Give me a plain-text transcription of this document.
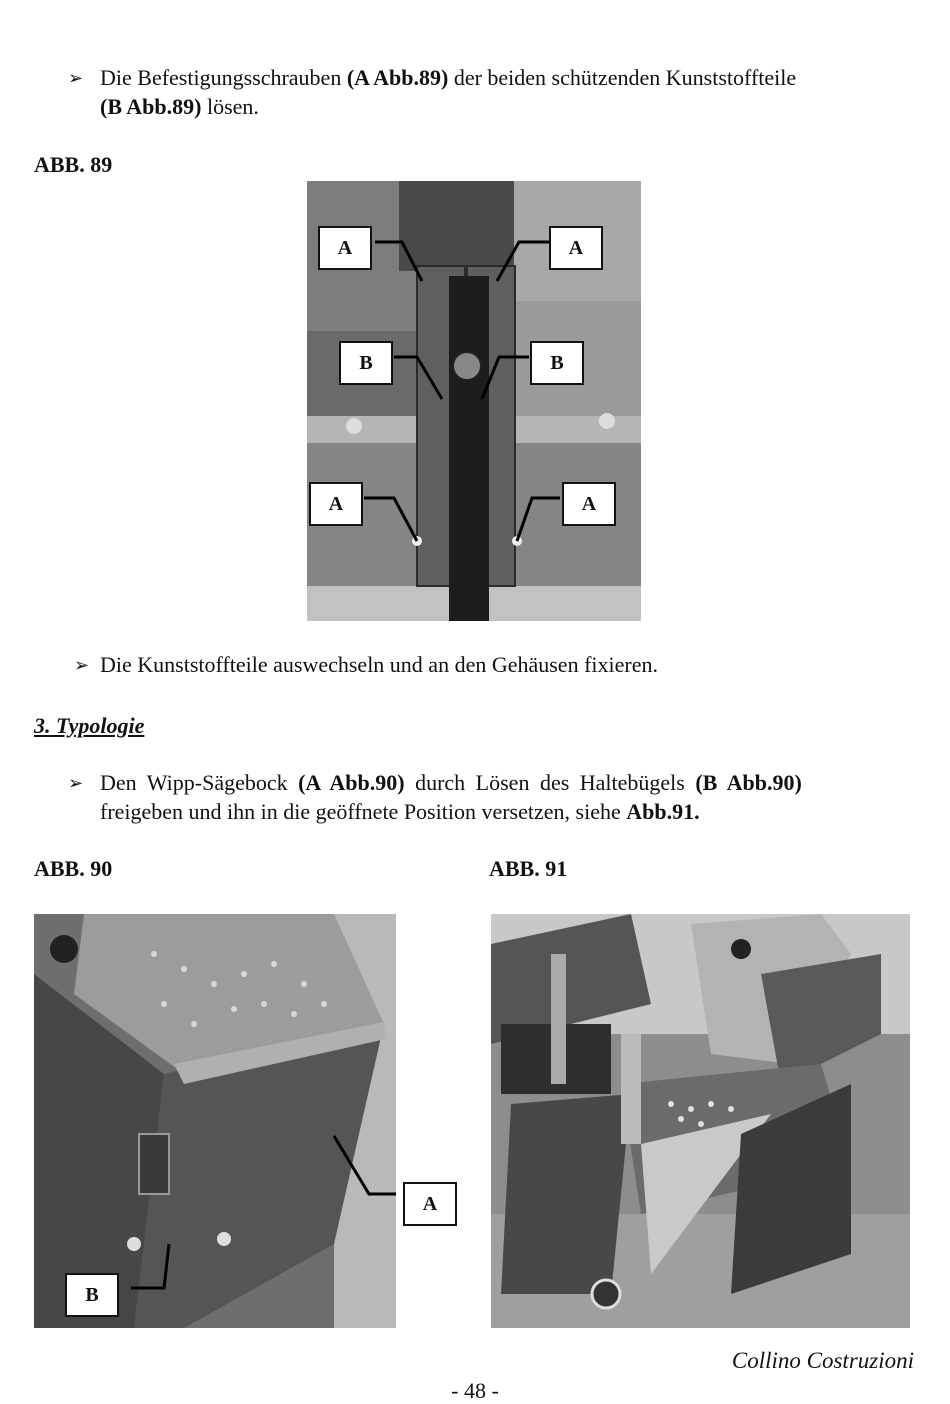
➢ Die Befestigungsschrauben (A Abb.89) der beiden schützenden Kunststoffteile
(B Abb.89) lösen.
ABB. 89
A	A
B	B
A	A
➢ Die Kunststoffteile auswechseln und an den Gehäusen fixieren.
3. Typologie
➢ Den Wipp-Sägebock (A Abb.90) durch Lösen des Haltebügels (B Abb.90)
freigeben und ihn in die geöffnete Position versetzen, siehe Abb.91.
ABB. 90	ABB. 91
A
B
Collino Costruzioni
- 48 -
